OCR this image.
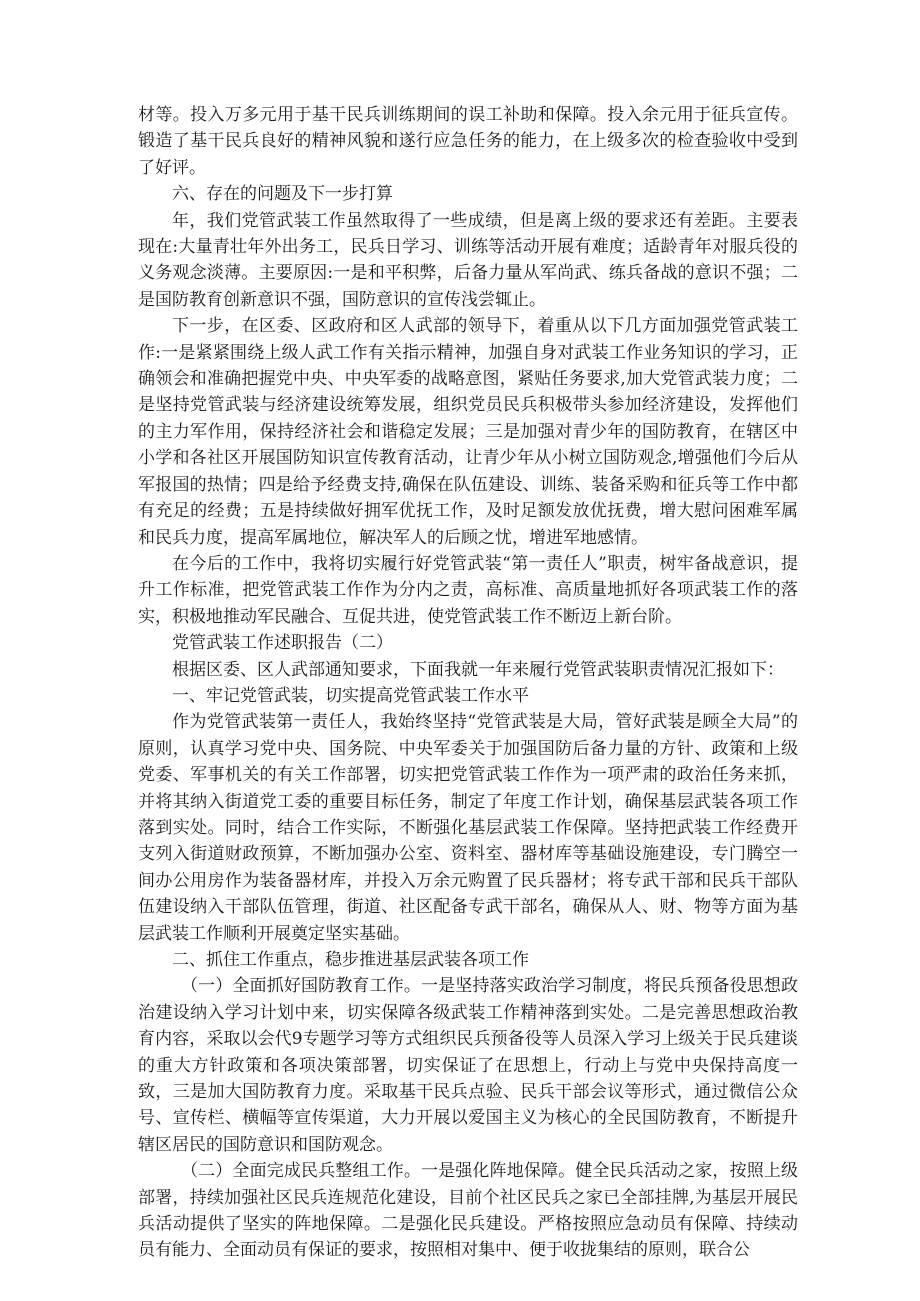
材等。投入万多元用于基干民兵训练期间的误工补助和保障。投入余元用于征兵宣传。锻造了基干民兵良好的精神风貌和遂行应急任务的能力，在上级多次的检查验收中受到了好评。

六、存在的问题及下一步打算

年，我们党管武装工作虽然取得了一些成绩，但是离上级的要求还有差距。主要表现在:大量青壮年外出务工，民兵日学习、训练等活动开展有难度；适龄青年对服兵役的义务观念淡薄。主要原因:一是和平积弊，后备力量从军尚武、练兵备战的意识不强；二是国防教育创新意识不强，国防意识的宣传浅尝辄止。

下一步，在区委、区政府和区人武部的领导下，着重从以下几方面加强党管武装工作:一是紧紧围绕上级人武工作有关指示精神，加强自身对武装工作业务知识的学习，正确领会和准确把握党中央、中央军委的战略意图，紧贴任务要求,加大党管武装力度；二是坚持党管武装与经济建设统筹发展，组织党员民兵积极带头参加经济建设，发挥他们的主力军作用，保持经济社会和谐稳定发展；三是加强对青少年的国防教育，在辖区中小学和各社区开展国防知识宣传教育活动，让青少年从小树立国防观念,增强他们今后从军报国的热情；四是给予经费支持,确保在队伍建设、训练、装备采购和征兵等工作中都有充足的经费；五是持续做好拥军优抚工作，及时足额发放优抚费，增大慰问困难军属和民兵力度，提高军属地位，解决军人的后顾之忧，增进军地感情。

在今后的工作中，我将切实履行好党管武装“第一责任人”职责，树牢备战意识，提升工作标准，把党管武装工作作为分内之责，高标准、高质量地抓好各项武装工作的落实，积极地推动军民融合、互促共进，使党管武装工作不断迈上新台阶。

党管武装工作述职报告（二）

根据区委、区人武部通知要求，下面我就一年来履行党管武装职责情况汇报如下：

一、牢记党管武装，切实提高党管武装工作水平

作为党管武装第一责任人，我始终坚持“党管武装是大局，管好武装是顾全大局”的原则，认真学习党中央、国务院、中央军委关于加强国防后备力量的方针、政策和上级党委、军事机关的有关工作部署，切实把党管武装工作作为一项严肃的政治任务来抓，并将其纳入街道党工委的重要目标任务，制定了年度工作计划，确保基层武装各项工作落到实处。同时，结合工作实际，不断强化基层武装工作保障。坚持把武装工作经费开支列入街道财政预算，不断加强办公室、资料室、器材库等基础设施建设，专门腾空一间办公用房作为装备器材库，并投入万余元购置了民兵器材；将专武干部和民兵干部队伍建设纳入干部队伍管理，街道、社区配备专武干部名，确保从人、财、物等方面为基层武装工作顺利开展奠定坚实基础。

二、抓住工作重点，稳步推进基层武装各项工作

（一）全面抓好国防教育工作。一是坚持落实政治学习制度，将民兵预备役思想政治建设纳入学习计划中来，切实保障各级武装工作精神落到实处。二是完善思想政治教育内容，采取以会代9专题学习等方式组织民兵预备役等人员深入学习上级关于民兵建谈的重大方针政策和各项决策部署，切实保证了在思想上，行动上与党中央保持高度一致，三是加大国防教育力度。采取基干民兵点验、民兵干部会议等形式，通过微信公众号、宣传栏、横幅等宣传渠道，大力开展以爱国主义为核心的全民国防教育，不断提升辖区居民的国防意识和国防观念。

（二）全面完成民兵整组工作。一是强化阵地保障。健全民兵活动之家，按照上级部署，持续加强社区民兵连规范化建设，目前个社区民兵之家已全部挂牌,为基层开展民兵活动提供了坚实的阵地保障。二是强化民兵建设。严格按照应急动员有保障、持续动员有能力、全面动员有保证的要求，按照相对集中、便于收拢集结的原则，联合公
